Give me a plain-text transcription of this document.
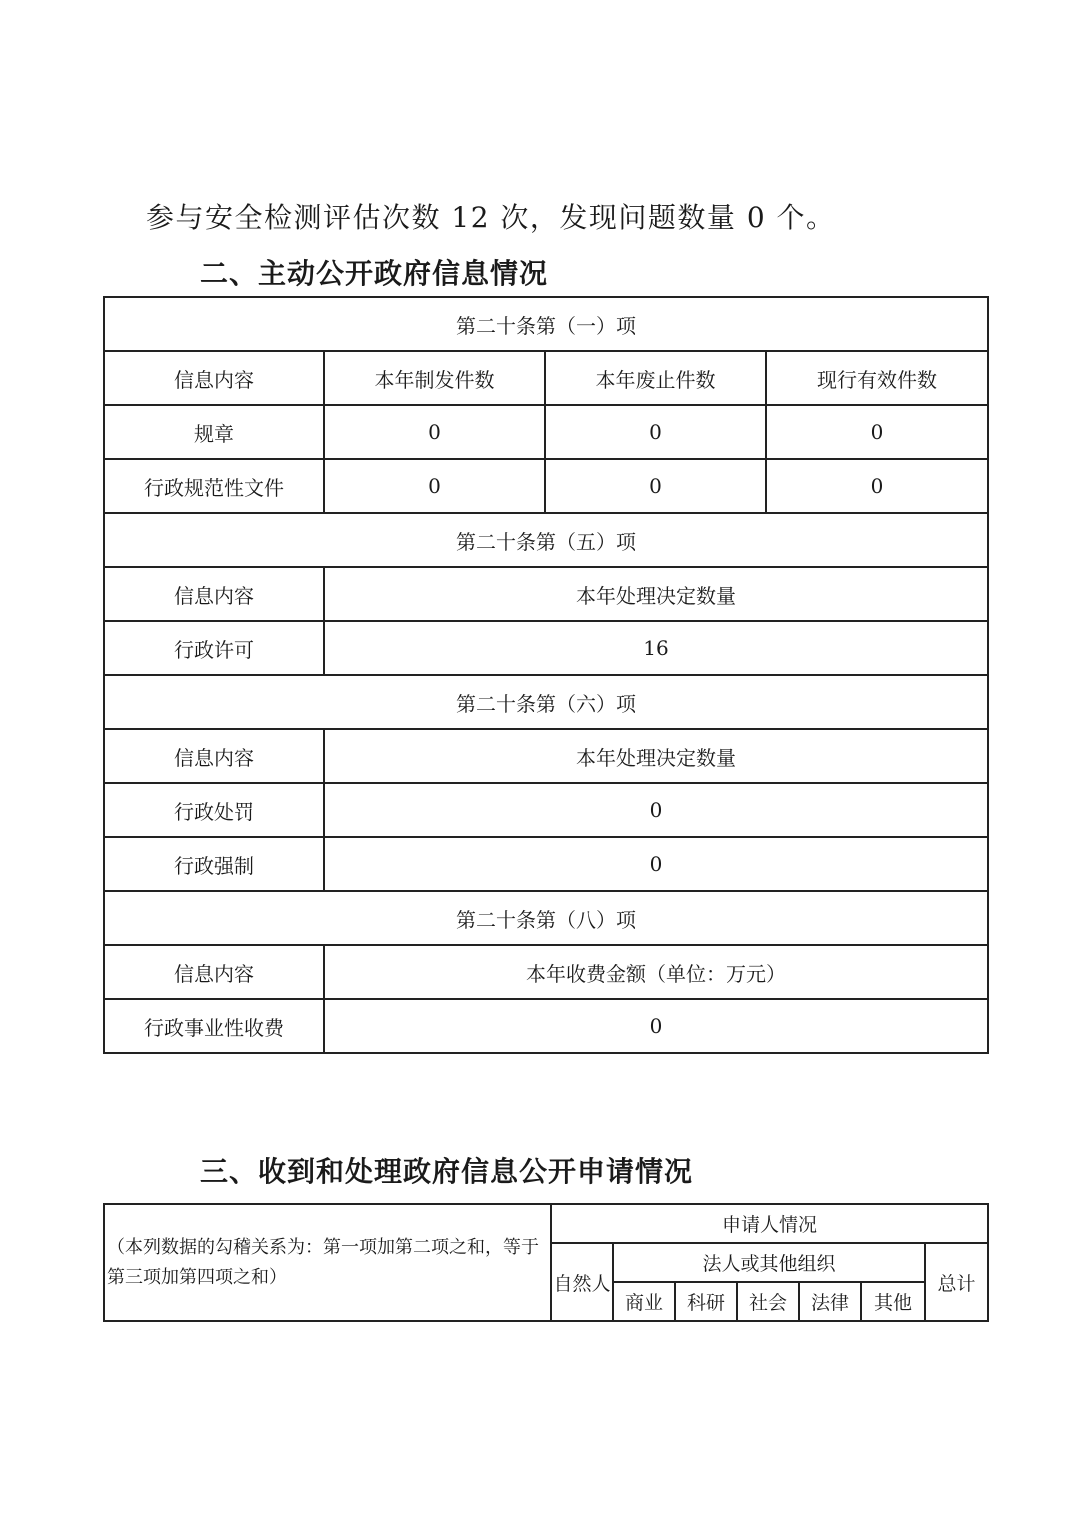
参与安全检测评估次数 12 次，发现问题数量 0 个。
二、主动公开政府信息情况
第二十条第（一）项			
信息内容	本年制发件数	本年废止件数	现行有效件数
规章	0	0	0
行政规范性文件	0	0	0
第二十条第（五）项			
信息内容	本年处理决定数量		
行政许可	16		
第二十条第（六）项			
信息内容	本年处理决定数量		
行政处罚	0		
行政强制	0		
第二十条第（八）项			
信息内容	本年收费金额（单位：万元）		
行政事业性收费	0		
三、收到和处理政府信息公开申请情况
（本列数据的勾稽关系为：第一项加第二项之和，等于第三项加第四项之和）	申请人情况						
	自然人	法人或其他组织					总计
		商业	科研	社会	法律	其他	
